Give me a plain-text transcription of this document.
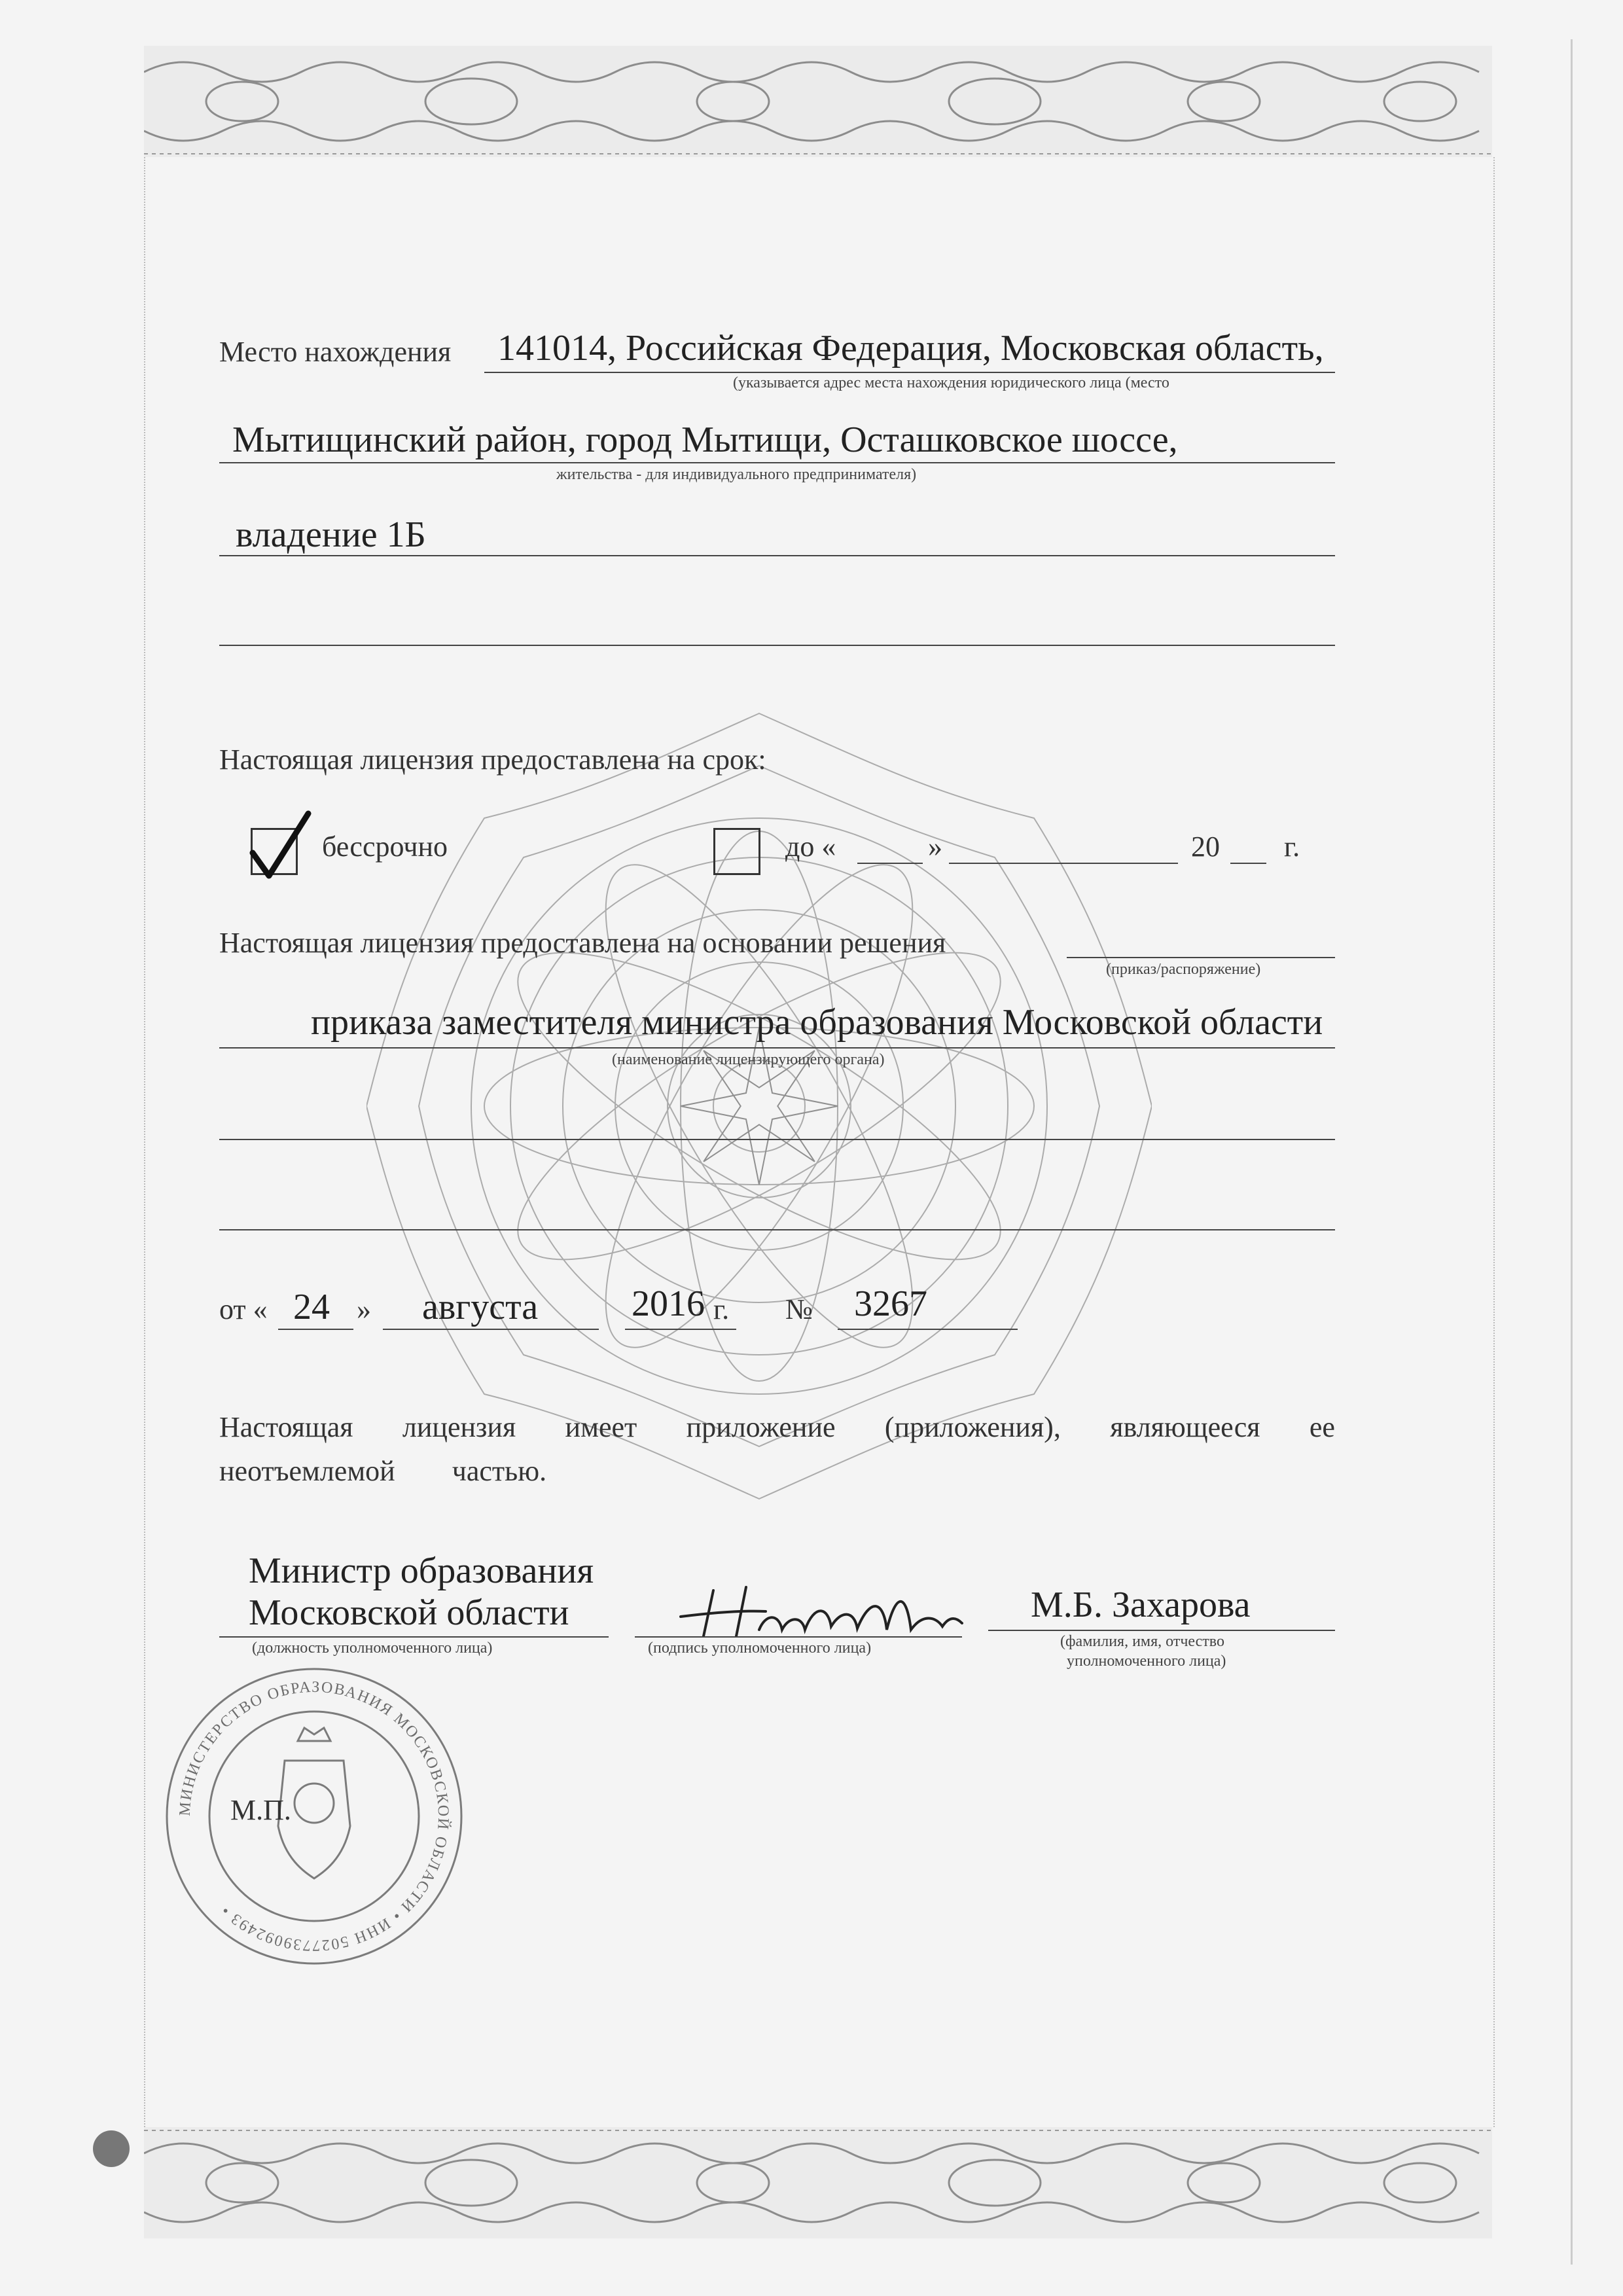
Место нахождения 141014, Российская Федерация, Московская область,
(указывается адрес места нахождения юридического лица (место
Мытищинский район, город Мытищи, Осташковское шоссе,
жительства - для индивидуального предпринимателя)
владение 1Б
Настоящая лицензия предоставлена на срок:
бессрочно	до «	»	20 г.
Настоящая лицензия предоставлена на основании решения
(приказ/распоряжение)
приказа заместителя министра образования Московской области
(наименование лицензирующего органа)
от « 24 » августа	2016 г. № 3267
Настоящая лицензия имеет приложение (приложения), являющееся ее
неотъемлемой частью.
Министр образования
Московской области
(должность уполномоченного лица)	(подпись уполномоченного лица)
М.Б. Захарова
(фамилия, имя, отчество
уполномоченного лица)
МИНИСТЕРСТВО ОБРАЗОВАНИЯ МОСКОВСКОЙ ОБЛАСТИ • ИНН 5027739092493 •
М.П.
